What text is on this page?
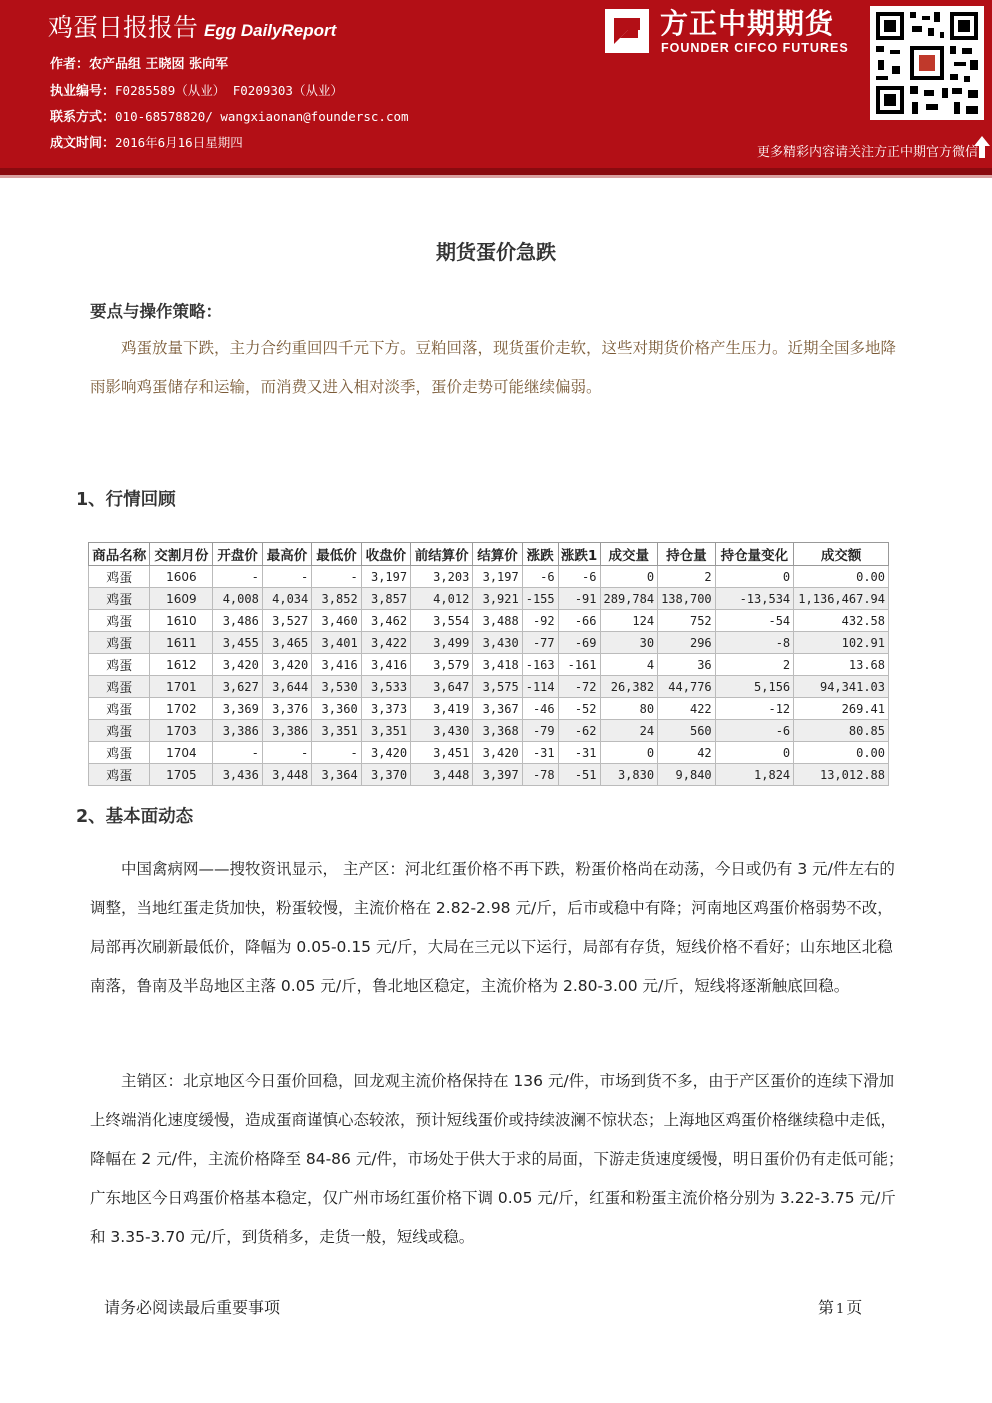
鸡蛋日报报告 Egg DailyReport
作者：农产品组 王晓囡 张向军
执业编号：F0285589（从业） F0209303（从业）
联系方式：010-68578820/ wangxiaonan@foundersc.com
成文时间：2016年6月16日星期四
方正中期期货
FOUNDER CIFCO FUTURES
更多精彩内容请关注方正中期官方微信
期货蛋价急跌
要点与操作策略：
鸡蛋放量下跌，主力合约重回四千元下方。豆粕回落，现货蛋价走软，这些对期货价格产生压力。近期全国多地降雨影响鸡蛋储存和运输，而消费又进入相对淡季，蛋价走势可能继续偏弱。
1、行情回顾
商品名称	交割月份	开盘价	最高价	最低价	收盘价	前结算价	结算价	涨跌	涨跌1	成交量	持仓量	持仓量变化	成交额
鸡蛋	1606	-	-	-	3,197	3,203	3,197	-6	-6	0	2	0	0.00
鸡蛋	1609	4,008	4,034	3,852	3,857	4,012	3,921	-155	-91	289,784	138,700	-13,534	1,136,467.94
鸡蛋	1610	3,486	3,527	3,460	3,462	3,554	3,488	-92	-66	124	752	-54	432.58
鸡蛋	1611	3,455	3,465	3,401	3,422	3,499	3,430	-77	-69	30	296	-8	102.91
鸡蛋	1612	3,420	3,420	3,416	3,416	3,579	3,418	-163	-161	4	36	2	13.68
鸡蛋	1701	3,627	3,644	3,530	3,533	3,647	3,575	-114	-72	26,382	44,776	5,156	94,341.03
鸡蛋	1702	3,369	3,376	3,360	3,373	3,419	3,367	-46	-52	80	422	-12	269.41
鸡蛋	1703	3,386	3,386	3,351	3,351	3,430	3,368	-79	-62	24	560	-6	80.85
鸡蛋	1704	-	-	-	3,420	3,451	3,420	-31	-31	0	42	0	0.00
鸡蛋	1705	3,436	3,448	3,364	3,370	3,448	3,397	-78	-51	3,830	9,840	1,824	13,012.88
2、基本面动态
中国禽病网——搜牧资讯显示， 主产区：河北红蛋价格不再下跌，粉蛋价格尚在动荡，今日或仍有 3 元/件左右的调整，当地红蛋走货加快，粉蛋较慢，主流价格在 2.82-2.98 元/斤，后市或稳中有降；河南地区鸡蛋价格弱势不改，局部再次刷新最低价，降幅为 0.05-0.15 元/斤，大局在三元以下运行，局部有存货，短线价格不看好；山东地区北稳南落，鲁南及半岛地区主落 0.05 元/斤，鲁北地区稳定，主流价格为 2.80-3.00 元/斤，短线将逐渐触底回稳。
主销区：北京地区今日蛋价回稳，回龙观主流价格保持在 136 元/件，市场到货不多，由于产区蛋价的连续下滑加上终端消化速度缓慢，造成蛋商谨慎心态较浓，预计短线蛋价或持续波澜不惊状态；上海地区鸡蛋价格继续稳中走低，降幅在 2 元/件，主流价格降至 84-86 元/件，市场处于供大于求的局面，下游走货速度缓慢，明日蛋价仍有走低可能；广东地区今日鸡蛋价格基本稳定，仅广州市场红蛋价格下调 0.05 元/斤，红蛋和粉蛋主流价格分别为 3.22-3.75 元/斤和 3.35-3.70 元/斤，到货稍多，走货一般，短线或稳。
请务必阅读最后重要事项	第 1 页
